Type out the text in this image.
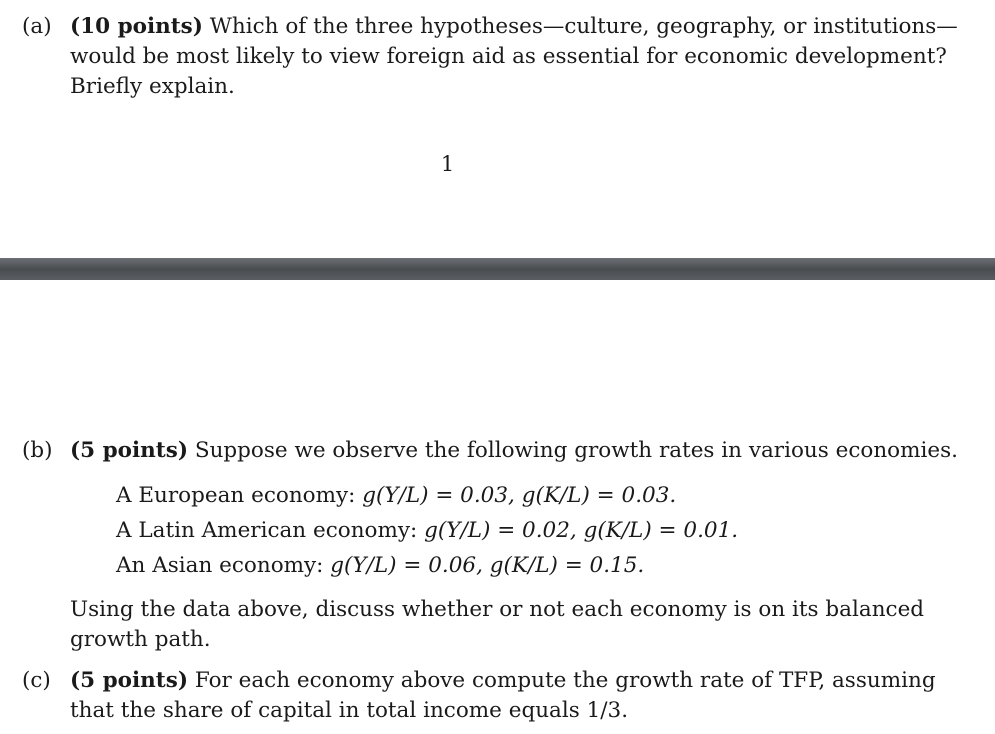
(a) (10 points) Which of the three hypotheses—culture, geography, or institutions— would be most likely to view foreign aid as essential for economic development? Briefly explain.
1
(b) (5 points) Suppose we observe the following growth rates in various economies.
A European economy: g(Y/L) = 0.03, g(K/L) = 0.03.
A Latin American economy: g(Y/L) = 0.02, g(K/L) = 0.01.
An Asian economy: g(Y/L) = 0.06, g(K/L) = 0.15.
Using the data above, discuss whether or not each economy is on its balanced growth path.
(c) (5 points) For each economy above compute the growth rate of TFP, assuming that the share of capital in total income equals 1/3.
